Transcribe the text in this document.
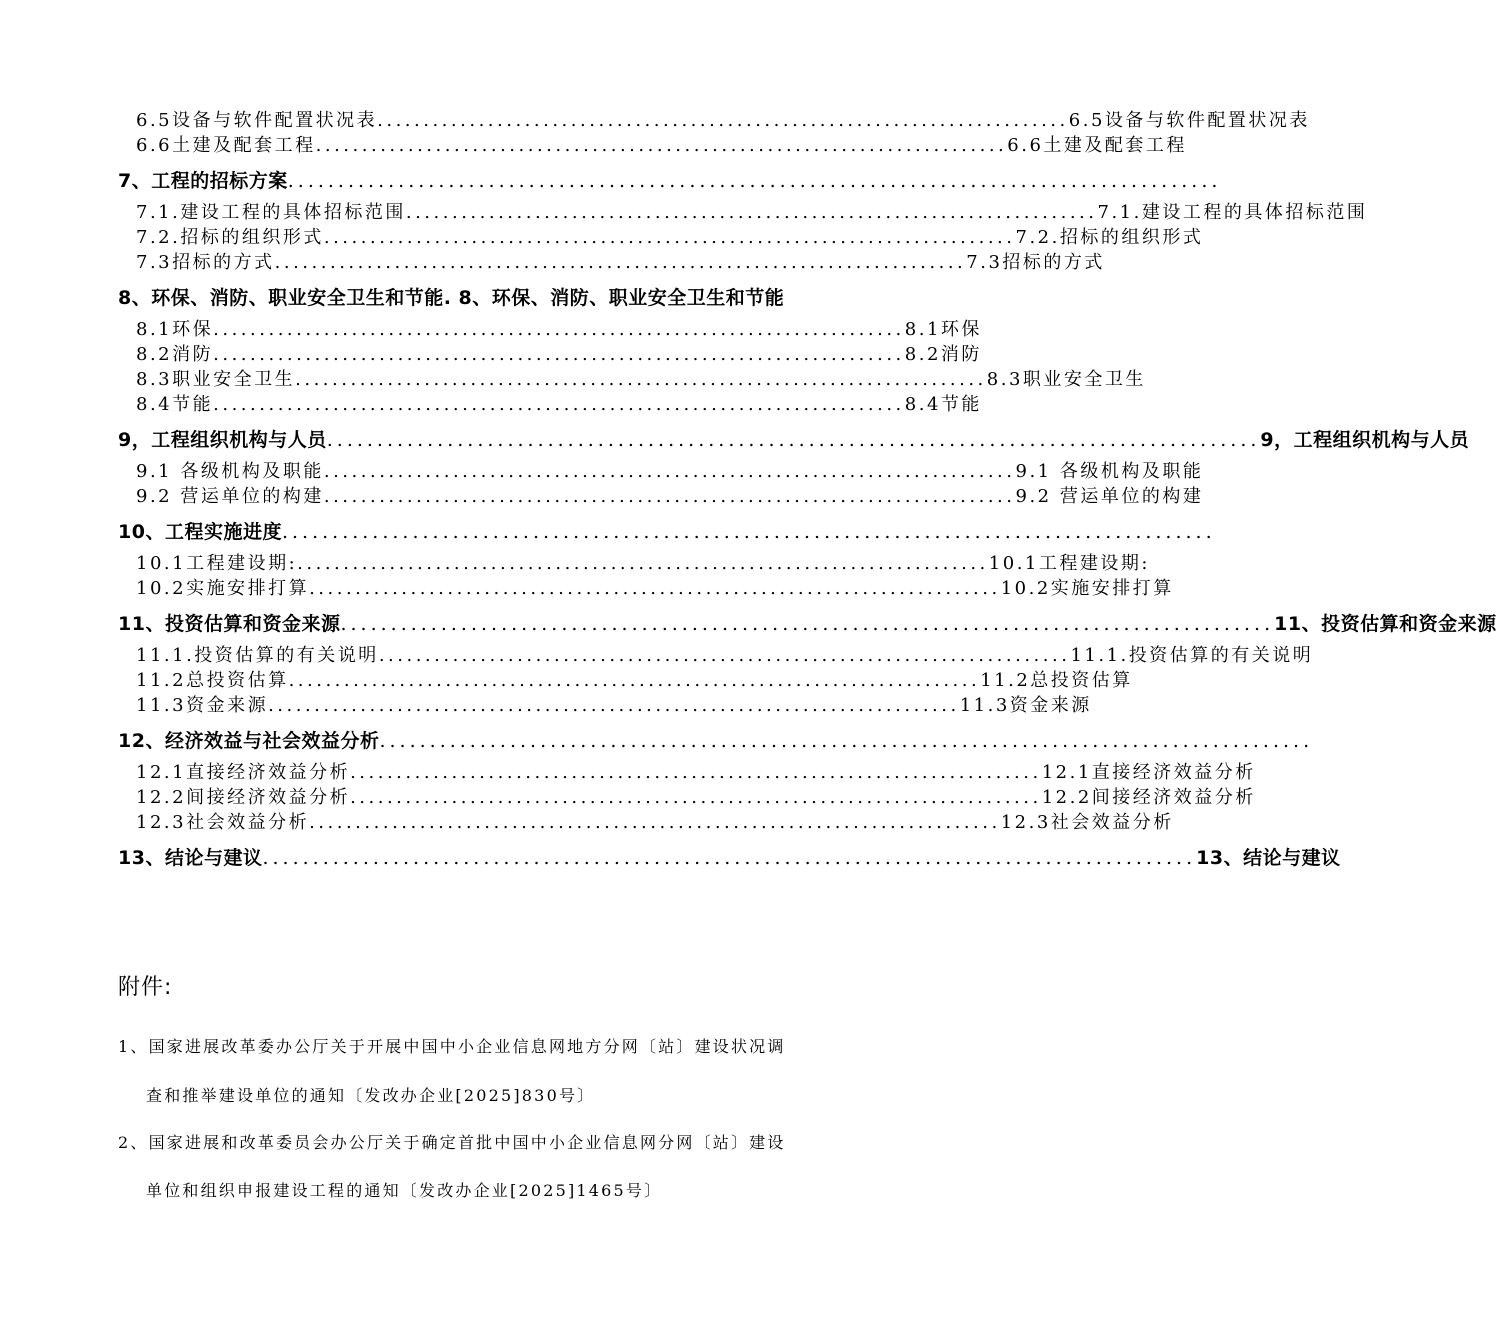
6.5设备与软件配置状况表 ........................................................................... 6.5设备与软件配置状况表
6.6土建及配套工程 ........................................................................... 6.6土建及配套工程
7、工程的招标方案 .............................................................................................
7.1.建设工程的具体招标范围 ........................................................................... 7.1.建设工程的具体招标范围
7.2.招标的组织形式 ........................................................................... 7.2.招标的组织形式
7.3招标的方式 ........................................................................... 7.3招标的方式
8、环保、消防、职业安全卫生和节能. 8、环保、消防、职业安全卫生和节能
8.1环保 ........................................................................... 8.1环保
8.2消防 ........................................................................... 8.2消防
8.3职业安全卫生 ........................................................................... 8.3职业安全卫生
8.4节能 ........................................................................... 8.4节能
9，工程组织机构与人员 ............................................................................................. 9，工程组织机构与人员
9.1 各级机构及职能 ........................................................................... 9.1 各级机构及职能
9.2 营运单位的构建 ........................................................................... 9.2 营运单位的构建
10、工程实施进度 .............................................................................................
10.1工程建设期: ........................................................................... 10.1工程建设期:
10.2实施安排打算 ........................................................................... 10.2实施安排打算
11、投资估算和资金来源 ............................................................................................. 11、投资估算和资金来源
11.1.投资估算的有关说明 ........................................................................... 11.1.投资估算的有关说明
11.2总投资估算 ........................................................................... 11.2总投资估算
11.3资金来源 ........................................................................... 11.3资金来源
12、经济效益与社会效益分析 .............................................................................................
12.1直接经济效益分析 ........................................................................... 12.1直接经济效益分析
12.2间接经济效益分析 ........................................................................... 12.2间接经济效益分析
12.3社会效益分析 ........................................................................... 12.3社会效益分析
13、结论与建议 ............................................................................................. 13、结论与建议
附件:
1、国家进展改革委办公厅关于开展中国中小企业信息网地方分网〔站〕建设状况调
查和推举建设单位的通知〔发改办企业[2025]830号〕
2、国家进展和改革委员会办公厅关于确定首批中国中小企业信息网分网〔站〕建设
单位和组织申报建设工程的通知〔发改办企业[2025]1465号〕
